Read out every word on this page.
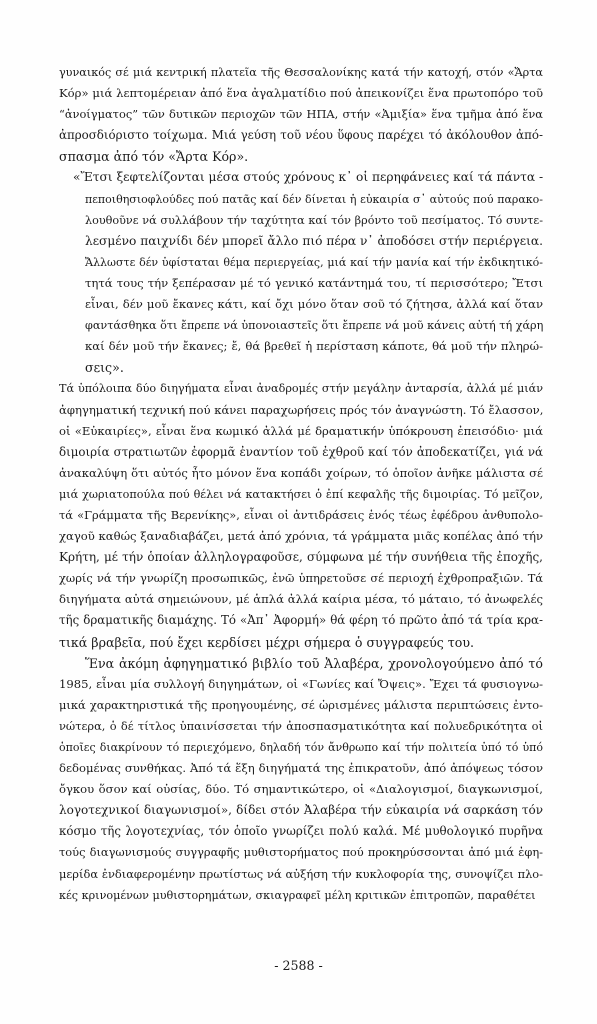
γυναικός σέ μιά κεντρική πλατεῖα τῆς Θεσσαλονίκης κατά τήν κατοχή, στόν «Ἄρτα
Κόρ» μιά λεπτομέρειαν ἀπό ἕνα ἀγαλματίδιο πού ἀπεικονίζει ἕνα πρωτοπόρο τοῦ
“ἀνοίγματος” τῶν δυτικῶν περιοχῶν τῶν ΗΠΑ, στήν «Ἀμιξία» ἕνα τμῆμα ἀπό ἕνα
ἀπροσδιόριστο τοίχωμα. Μιά γεύση τοῦ νέου ὕφους παρέχει τό ἀκόλουθον ἀπό-
σπασμα ἀπό τόν «Ἄρτα Κόρ».
«Ἔτσι ξεφτελίζονται μέσα στούς χρόνους κ᾽ οἱ περηφάνειες καί τά πάντα -
πεποιθησιοφλούδες πού πατᾶς καί δέν δίνεται ἡ εὐκαιρία σ᾽ αὐτούς πού παρακο-
λουθοῦνε νά συλλάβουν τήν ταχύτητα καί τόν βρόντο τοῦ πεσίματος. Τό συντε-
λεσμένο παιχνίδι δέν μπορεῖ ἄλλο πιό πέρα ν᾽ ἀποδόσει στήν περιέργεια.
Ἄλλωστε δέν ὑφίσταται θέμα περιεργείας, μιά καί τήν μανία καί τήν ἐκδικητικό-
τητά τους τήν ξεπέρασαν μέ τό γενικό κατάντημά του, τί περισσότερο; Ἔτσι
εἶναι, δέν μοῦ ἔκανες κάτι, καί ὄχι μόνο ὅταν σοῦ τό ζήτησα, ἀλλά καί ὅταν
φαντάσθηκα ὅτι ἔπρεπε νά ὑπονοιαστεῖς ὅτι ἔπρεπε νά μοῦ κάνεις αὐτή τή χάρη
καί δέν μοῦ τήν ἔκανες; ἔ, θά βρεθεῖ ἡ περίσταση κάποτε, θά μοῦ τήν πληρώ-
σεις».
Τά ὑπόλοιπα δύο διηγήματα εἶναι ἀναδρομές στήν μεγάλην ἀνταρσία, ἀλλά μέ μιάν
ἀφηγηματική τεχνική πού κάνει παραχωρήσεις πρός τόν ἀναγνώστη. Τό ἔλασσον,
οἱ «Εὐκαιρίες», εἶναι ἕνα κωμικό ἀλλά μέ δραματικήν ὑπόκρουση ἐπεισόδιο· μιά
διμοιρία στρατιωτῶν ἐφορμᾶ ἐναντίον τοῦ ἐχθροῦ καί τόν ἀποδεκατίζει, γιά νά
ἀνακαλύψη ὅτι αὐτός ἦτο μόνον ἕνα κοπάδι χοίρων, τό ὁποῖον ἀνῆκε μάλιστα σέ
μιά χωριατοπούλα πού θέλει νά κατακτήσει ὁ ἐπί κεφαλῆς τῆς διμοιρίας. Τό μεῖζον,
τά «Γράμματα τῆς Βερενίκης», εἶναι οἱ ἀντιδράσεις ἑνός τέως ἐφέδρου ἀνθυπολο-
χαγοῦ καθώς ξαναδιαβάζει, μετά ἀπό χρόνια, τά γράμματα μιᾶς κοπέλας ἀπό τήν
Κρήτη, μέ τήν ὁποίαν ἀλληλογραφοῦσε, σύμφωνα μέ τήν συνήθεια τῆς ἐποχῆς,
χωρίς νά τήν γνωρίζη προσωπικῶς, ἐνῶ ὑπηρετοῦσε σέ περιοχή ἐχθροπραξιῶν. Τά
διηγήματα αὐτά σημειώνουν, μέ ἁπλά ἀλλά καίρια μέσα, τό μάταιο, τό ἀνωφελές
τῆς δραματικῆς διαμάχης. Τό «Ἀπ᾽ Ἀφορμή» θά φέρη τό πρῶτο ἀπό τά τρία κρα-
τικά βραβεῖα, πού ἔχει κερδίσει μέχρι σήμερα ὁ συγγραφεύς του.
Ἕνα ἀκόμη ἀφηγηματικό βιβλίο τοῦ Ἀλαβέρα, χρονολογούμενο ἀπό τό
1985, εἶναι μία συλλογή διηγημάτων, οἱ «Γωνίες καί Ὄψεις». Ἔχει τά φυσιογνω-
μικά χαρακτηριστικά τῆς προηγουμένης, σέ ὡρισμένες μάλιστα περιπτώσεις ἐντο-
νώτερα, ὁ δέ τίτλος ὑπαινίσσεται τήν ἀποσπασματικότητα καί πολυεδρικότητα οἱ
ὁποῖες διακρίνουν τό περιεχόμενο, δηλαδή τόν ἄνθρωπο καί τήν πολιτεία ὑπό τό ὑπό
δεδομένας συνθήκας. Ἀπό τά ἕξη διηγήματά της ἐπικρατοῦν, ἀπό ἀπόψεως τόσον
ὄγκου ὅσον καί οὐσίας, δύο. Τό σημαντικώτερο, οἱ «Διαλογισμοί, διαγκωνισμοί,
λογοτεχνικοί διαγωνισμοί», δίδει στόν Ἀλαβέρα τήν εὐκαιρία νά σαρκάση τόν
κόσμο τῆς λογοτεχνίας, τόν ὁποῖο γνωρίζει πολύ καλά. Μέ μυθολογικό πυρῆνα
τούς διαγωνισμούς συγγραφῆς μυθιστορήματος πού προκηρύσσονται ἀπό μιά ἐφη-
μερίδα ἐνδιαφερομένην πρωτίστως νά αὐξήση τήν κυκλοφορία της, συνοψίζει πλο-
κές κρινομένων μυθιστορημάτων, σκιαγραφεῖ μέλη κριτικῶν ἐπιτροπῶν, παραθέτει
- 2588 -
